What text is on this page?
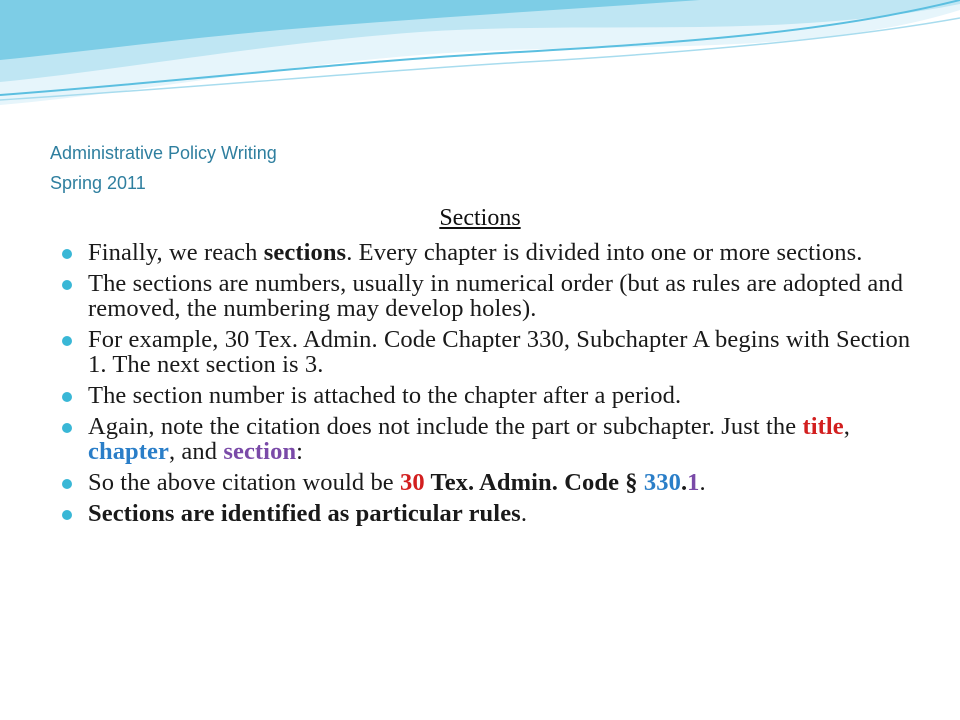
Administrative Policy Writing
Spring 2011
Sections
Finally, we reach sections. Every chapter is divided into one or more sections.
The sections are numbers, usually in numerical order (but as rules are adopted and removed, the numbering may develop holes).
For example, 30 Tex. Admin. Code Chapter 330, Subchapter A begins with Section 1. The next section is 3.
The section number is attached to the chapter after a period.
Again, note the citation does not include the part or subchapter. Just the title, chapter, and section:
So the above citation would be 30 Tex. Admin. Code § 330.1.
Sections are identified as particular rules.
